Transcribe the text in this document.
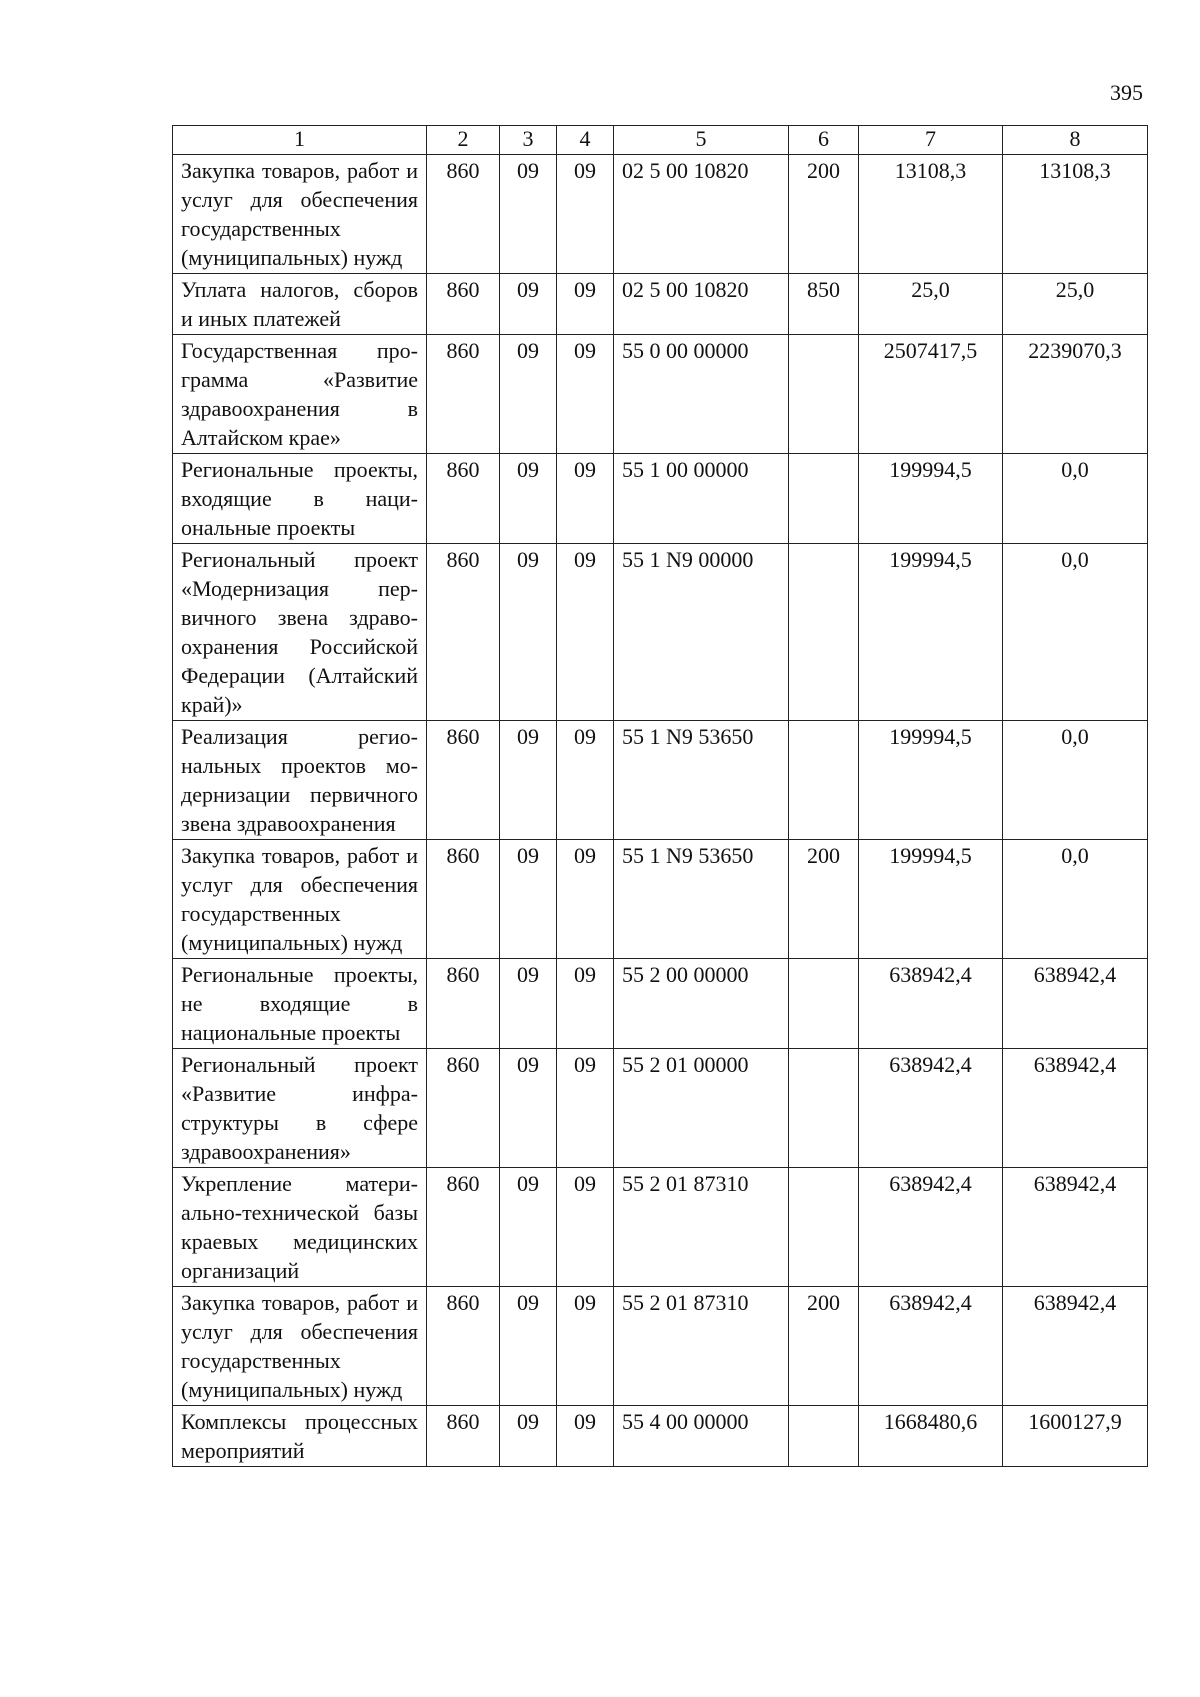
395
1	2	3	4	5	6	7	8
Закупка товаров, работ и услуг для обеспечения государственных (муниципальных) нужд	860	09	09	02 5 00 10820	200	13108,3	13108,3
Уплата налогов, сборов и иных платежей	860	09	09	02 5 00 10820	850	25,0	25,0
Государственная программа «Развитие здравоохранения в Алтайском крае»	860	09	09	55 0 00 00000		2507417,5	2239070,3
Региональные проекты, входящие в национальные проекты	860	09	09	55 1 00 00000		199994,5	0,0
Региональный проект «Модернизация первичного звена здравоохранения Российской Федерации (Алтайский край)»	860	09	09	55 1 N9 00000		199994,5	0,0
Реализация региональных проектов модернизации первичного звена здравоохранения	860	09	09	55 1 N9 53650		199994,5	0,0
Закупка товаров, работ и услуг для обеспечения государственных (муниципальных) нужд	860	09	09	55 1 N9 53650	200	199994,5	0,0
Региональные проекты, не входящие в национальные проекты	860	09	09	55 2 00 00000		638942,4	638942,4
Региональный проект «Развитие инфраструктуры в сфере здравоохранения»	860	09	09	55 2 01 00000		638942,4	638942,4
Укрепление материально-технической базы краевых медицинских организаций	860	09	09	55 2 01 87310		638942,4	638942,4
Закупка товаров, работ и услуг для обеспечения государственных (муниципальных) нужд	860	09	09	55 2 01 87310	200	638942,4	638942,4
Комплексы процессных мероприятий	860	09	09	55 4 00 00000		1668480,6	1600127,9
